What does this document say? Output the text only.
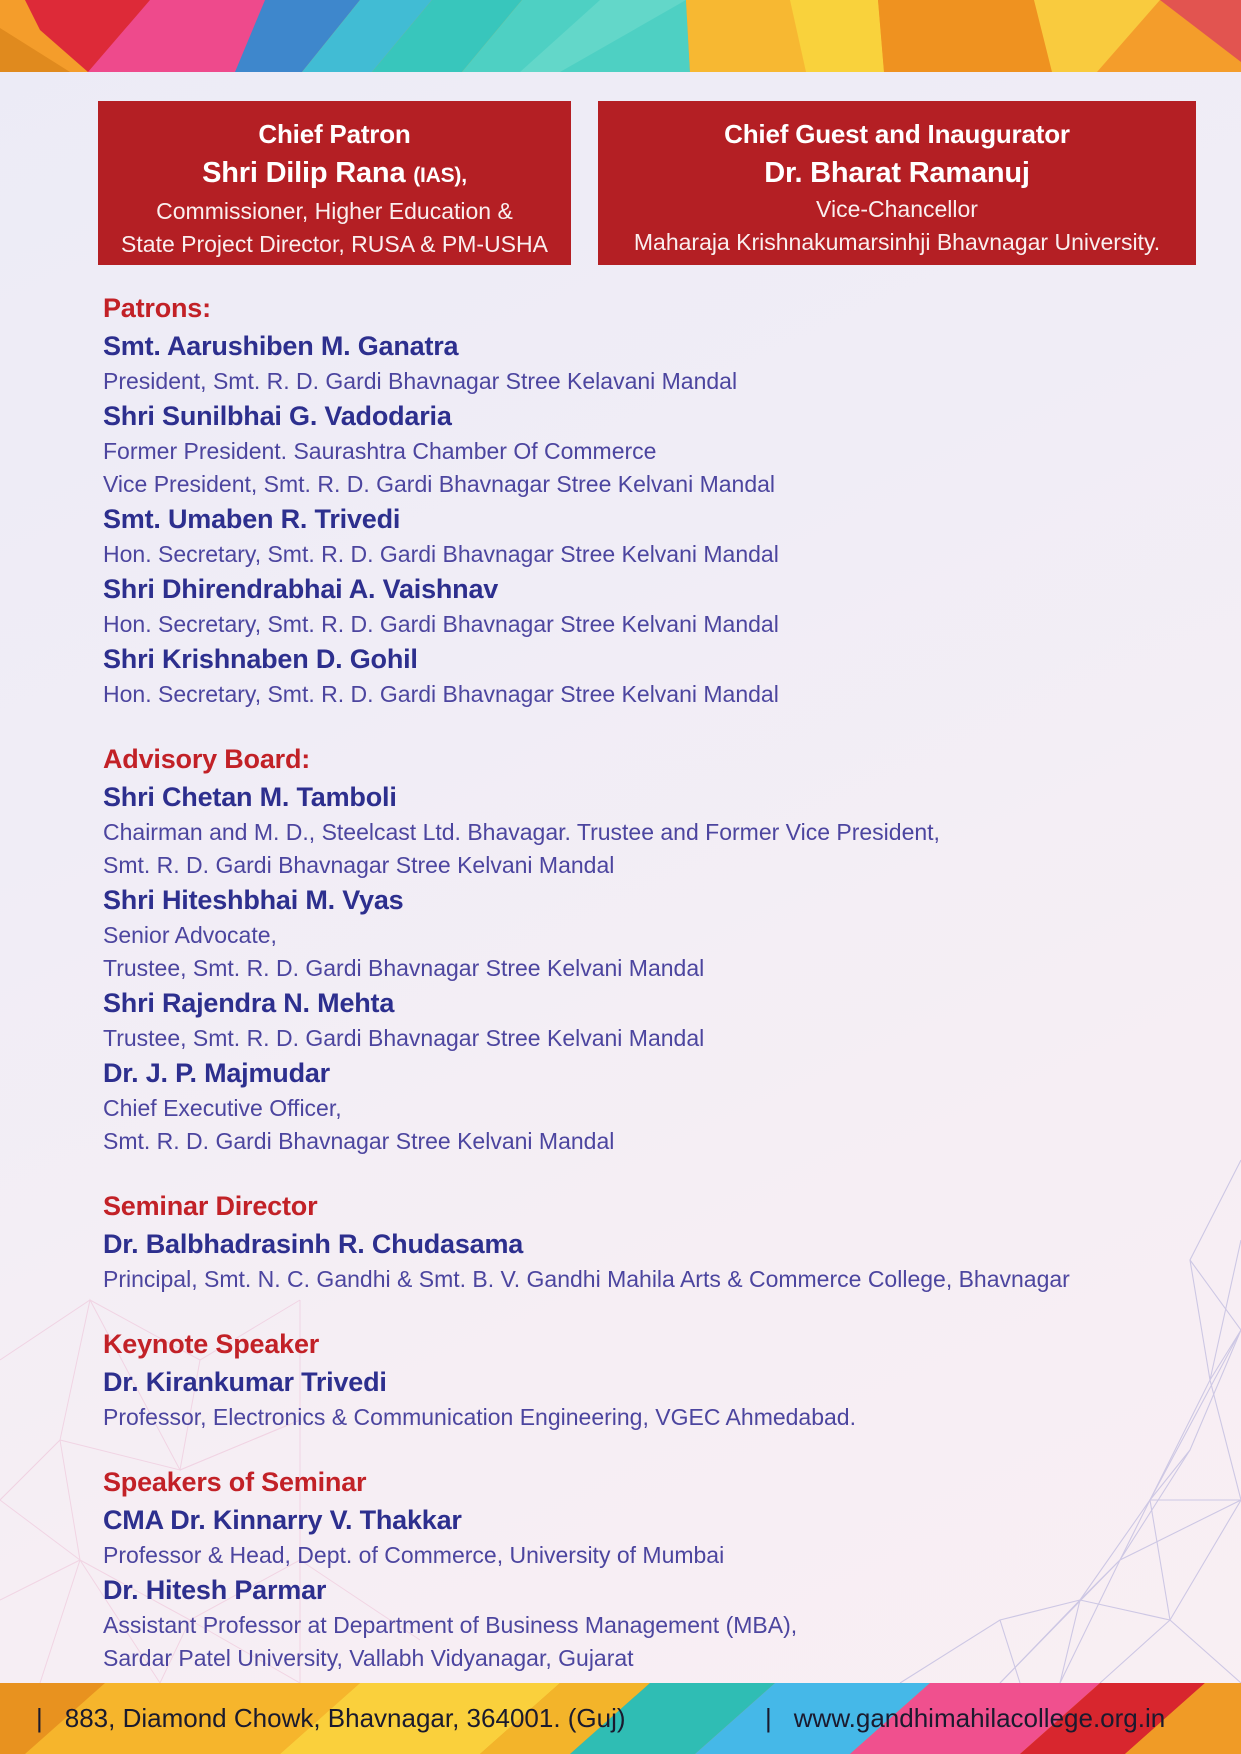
Chief Patron
Shri Dilip Rana (IAS),
Commissioner, Higher Education &
State Project Director, RUSA & PM-USHA
Chief Guest and Inaugurator
Dr. Bharat Ramanuj
Vice-Chancellor
Maharaja Krishnakumarsinhji Bhavnagar University.
Patrons:
Smt. Aarushiben M. Ganatra
President, Smt. R. D. Gardi Bhavnagar Stree Kelavani Mandal
Shri Sunilbhai G. Vadodaria
Former President. Saurashtra Chamber Of Commerce
Vice President, Smt. R. D. Gardi Bhavnagar Stree Kelvani Mandal
Smt. Umaben R. Trivedi
Hon. Secretary, Smt. R. D. Gardi Bhavnagar Stree Kelvani Mandal
Shri Dhirendrabhai A. Vaishnav
Hon. Secretary, Smt. R. D. Gardi Bhavnagar Stree Kelvani Mandal
Shri Krishnaben D. Gohil
Hon. Secretary, Smt. R. D. Gardi Bhavnagar Stree Kelvani Mandal
Advisory Board:
Shri Chetan M. Tamboli
Chairman and M. D., Steelcast Ltd. Bhavagar. Trustee and Former Vice President,
Smt. R. D. Gardi Bhavnagar Stree Kelvani Mandal
Shri Hiteshbhai M. Vyas
Senior Advocate,
Trustee, Smt. R. D. Gardi Bhavnagar Stree Kelvani Mandal
Shri Rajendra N. Mehta
Trustee, Smt. R. D. Gardi Bhavnagar Stree Kelvani Mandal
Dr. J. P. Majmudar
Chief Executive Officer,
Smt. R. D. Gardi Bhavnagar Stree Kelvani Mandal
Seminar Director
Dr. Balbhadrasinh R. Chudasama
Principal, Smt. N. C. Gandhi & Smt. B. V. Gandhi Mahila Arts & Commerce College, Bhavnagar
Keynote Speaker
Dr. Kirankumar Trivedi
Professor, Electronics & Communication Engineering, VGEC Ahmedabad.
Speakers of Seminar
CMA Dr. Kinnarry V. Thakkar
Professor & Head, Dept. of Commerce, University of Mumbai
Dr. Hitesh Parmar
Assistant Professor at Department of Business Management (MBA),
Sardar Patel University, Vallabh Vidyanagar, Gujarat
| 883, Diamond Chowk, Bhavnagar, 364001. (Guj)	| www.gandhimahilacollege.org.in
